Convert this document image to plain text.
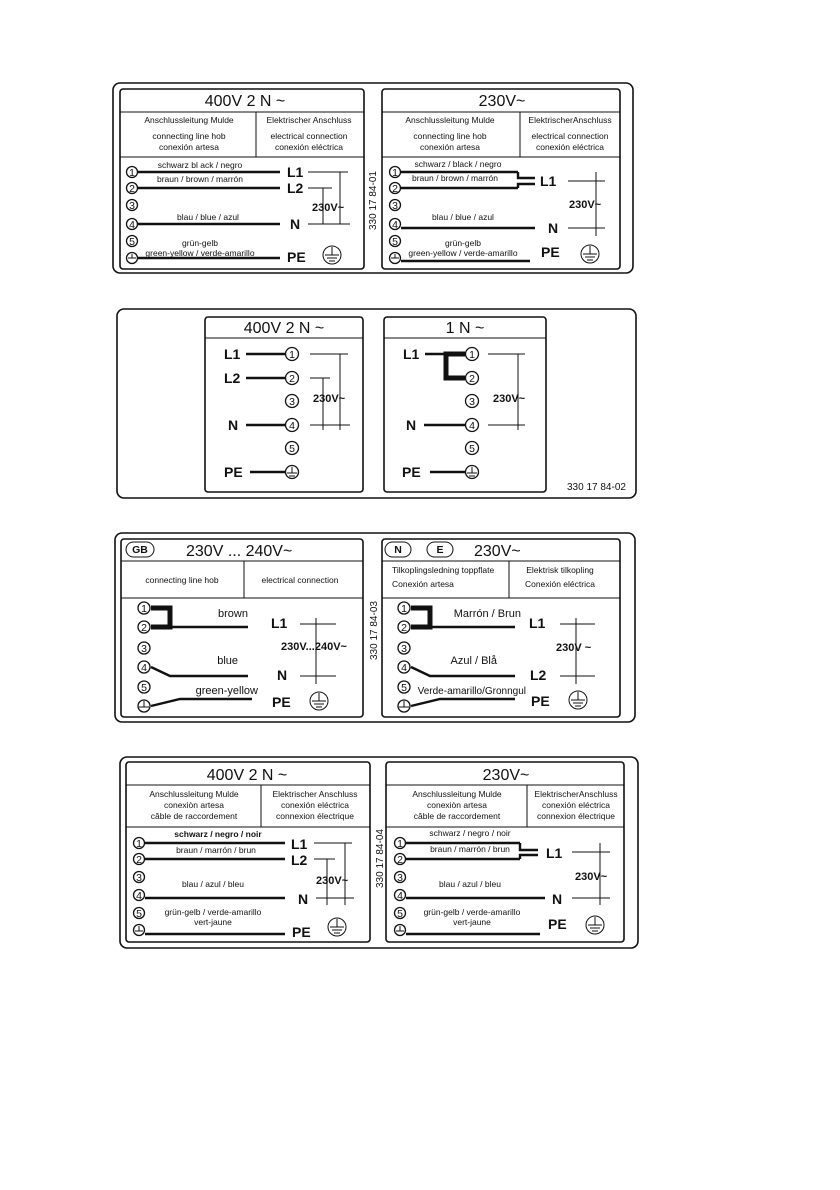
400V 2 N ~
Anschlussleitung Mulde
connecting line hob
conexión artesa
Elektrischer Anschluss
electrical connection
conexión eléctrica
1
2
3
4
5
schwarz bl ack / negro
braun / brown / marrón
blau / blue / azul
grün-gelb
green-yellow / verde-amarillo
L1
L2
N
PE
230V~ 330 17 84-01
230V~
Anschlussleitung Mulde
connecting line hob
conexión artesa
ElektrischerAnschluss
electrical connection
conexión eléctrica
1
2
3
4
5
schwarz / black / negro
braun / brown / marrón
blau / blue / azul
grün-gelb
green-yellow / verde-amarillo
L1
N
PE
230V~
400V 2 N ~
1
2
3
4
5
L1
L2
N
PE
230V~
1 N ~
1
2
3
4
5
L1
N
PE
230V~
330 17 84-02
GB 230V ... 240V~
connecting line hob	electrical connection
1
2
3
4
5
brown
blue
green-yellow
L1
N
PE
230V...240V~ 330 17 84-03
N	E 230V~
Tilkoplingsledning toppflate
Conexión artesa
Elektrisk tilkopling
Conexión eléctrica
1
2
3
4
5
Marrón / Brun
Azul / Blå
Verde-amarillo/Gronngul
L1
L2
PE
230V ~
400V 2 N ~
Anschlussleitung Mulde
conexiòn artesa
câble de raccordement
Elektrischer Anschluss
conexión eléctrica
connexion électrique
1
2
3
4
5
schwarz / negro / noir
braun / marrón / brun
blau / azul / bleu
grün-gelb / verde-amarillo
vert-jaune
L1
L2
N
PE
230V~	330 17 84-04
230V~
Anschlussleitung Mulde
conexiòn artesa
câble de raccordement
ElektrischerAnschluss
conexión eléctrica
connexion électrique
1
2
3
4
5
schwarz / negro / noir
braun / marrón / brun
blau / azul / bleu
grün-gelb / verde-amarillo
vert-jaune
L1
N
PE
230V~
